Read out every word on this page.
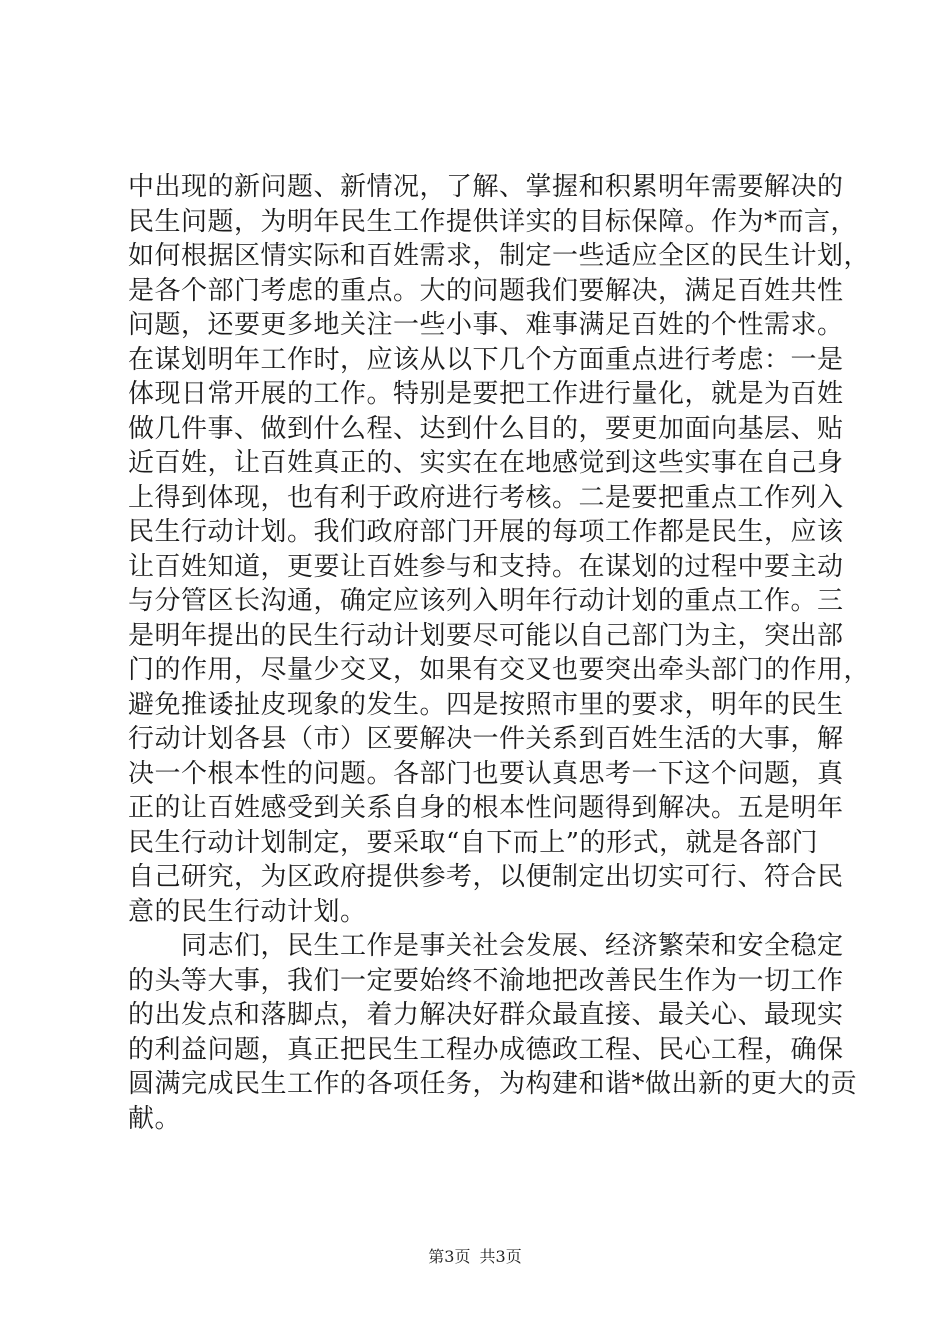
中出现的新问题、新情况，了解、掌握和积累明年需要解决的
民生问题，为明年民生工作提供详实的目标保障。作为*而言，
如何根据区情实际和百姓需求，制定一些适应全区的民生计划，
是各个部门考虑的重点。大的问题我们要解决，满足百姓共性
问题，还要更多地关注一些小事、难事满足百姓的个性需求。
在谋划明年工作时，应该从以下几个方面重点进行考虑：一是
体现日常开展的工作。特别是要把工作进行量化，就是为百姓
做几件事、做到什么程、达到什么目的，要更加面向基层、贴
近百姓，让百姓真正的、实实在在地感觉到这些实事在自己身
上得到体现，也有利于政府进行考核。二是要把重点工作列入
民生行动计划。我们政府部门开展的每项工作都是民生，应该
让百姓知道，更要让百姓参与和支持。在谋划的过程中要主动
与分管区长沟通，确定应该列入明年行动计划的重点工作。三
是明年提出的民生行动计划要尽可能以自己部门为主，突出部
门的作用，尽量少交叉，如果有交叉也要突出牵头部门的作用，
避免推诿扯皮现象的发生。四是按照市里的要求，明年的民生
行动计划各县（市）区要解决一件关系到百姓生活的大事，解
决一个根本性的问题。各部门也要认真思考一下这个问题，真
正的让百姓感受到关系自身的根本性问题得到解决。五是明年
民生行动计划制定，要采取“自下而上”的形式，就是各部门
自己研究，为区政府提供参考，以便制定出切实可行、符合民
意的民生行动计划。
　　同志们，民生工作是事关社会发展、经济繁荣和安全稳定
的头等大事，我们一定要始终不渝地把改善民生作为一切工作
的出发点和落脚点，着力解决好群众最直接、最关心、最现实
的利益问题，真正把民生工程办成德政工程、民心工程，确保
圆满完成民生工作的各项任务，为构建和谐*做出新的更大的贡
献。
第3页 共3页
